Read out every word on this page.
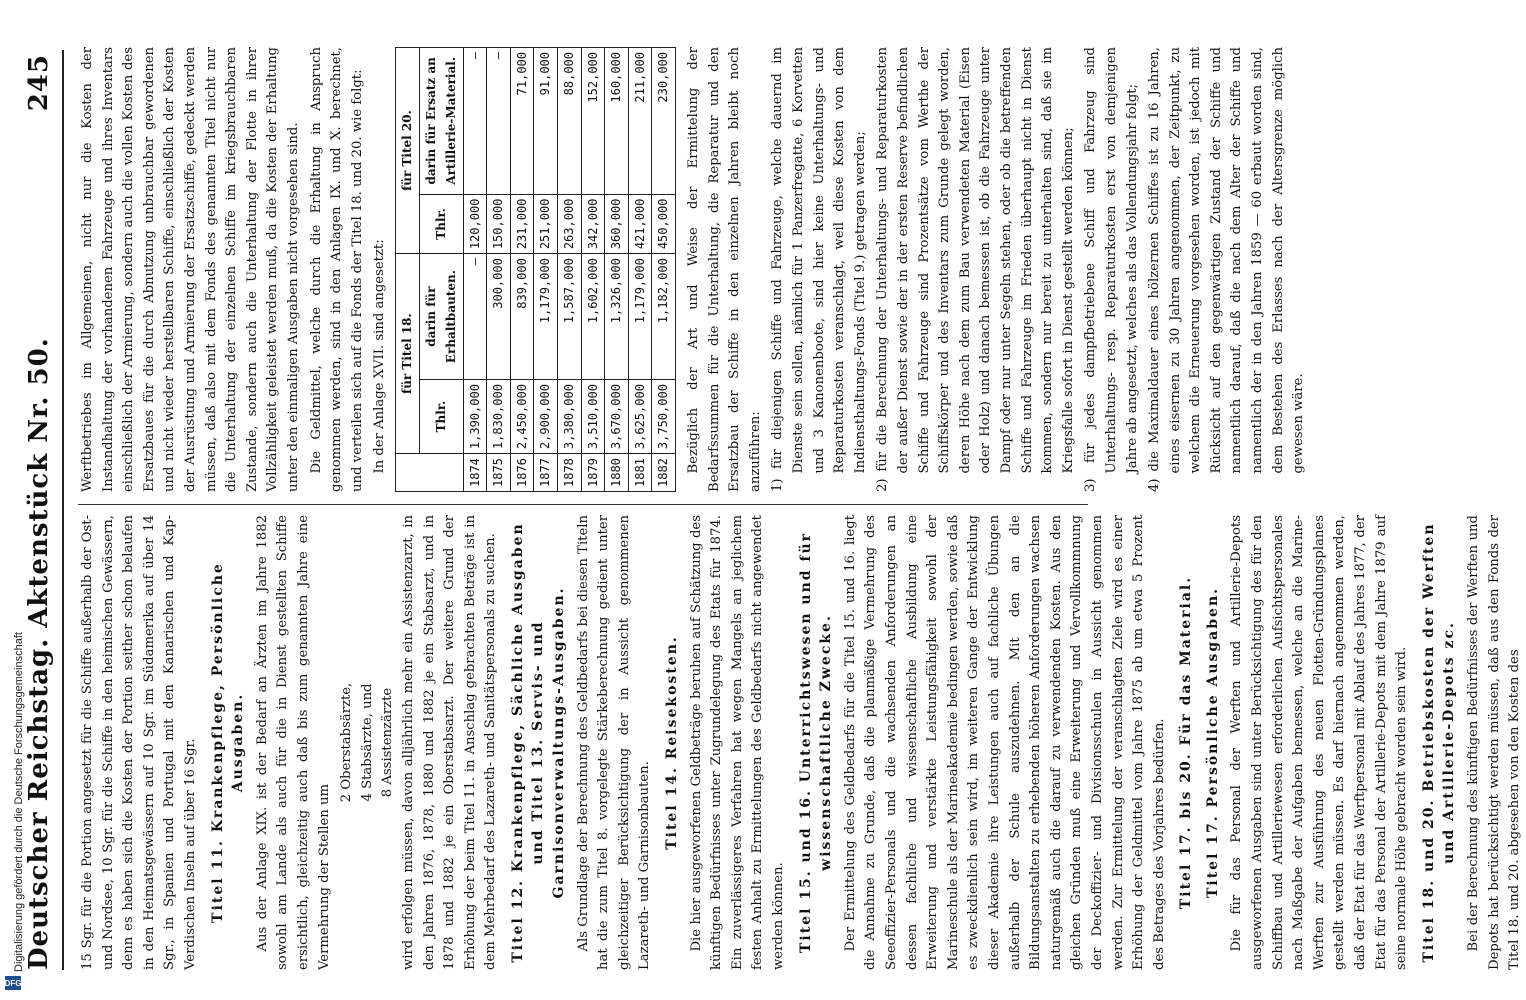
Deutscher Reichstag. Aktenstück Nr. 50.
245

15 Sgr. für die Portion angesetzt für die Schiffe außerhalb der Ost- und Nordsee, 10 Sgr. für die Schiffe in den heimischen Gewässern, denn es haben sich die Kosten der Portion seither schon belaufen in den Heimatsgewässern auf 10 Sgr. im Südamerika auf über 14 Sgr., in Spanien und Portugal mit den Kanarischen und Kap-Verdischen Inseln auf über 16 Sgr. Titel 11. Krankenpflege, Persönliche Ausgaben. Aus der Anlage XIX. ist der Bedarf an Ärzten im Jahre 1882 sowohl am Lande als auch für die in Dienst gestellten Schiffe ersichtlich, gleichzeitig auch daß bis zum genannten Jahre eine Vermehrung der Stellen um

2 Oberstabsärzte, 4 Stabsärzte, und 8 Assistenzärzte wird erfolgen müssen, davon alljährlich mehr ein Assistenzarzt, in den Jahren 1876, 1878, 1880 und 1882 je ein Stabsarzt, und in 1878 und 1882 je ein Oberstabsarzt. Der weitere Grund der Erhöhung der beim Titel 11. in Anschlag gebrachten Beträge ist in dem Mehrbedarf des Lazareth- und Sanitätspersonals zu suchen. Titel 12. Krankenpflege, Sächliche Ausgaben und Titel 13. Servis- und Garnisonverwaltungs-Ausgaben. Als Grundlage der Berechnung des Geldbedarfs bei diesen Titeln hat die zum Titel 8. vorgelegte Stärkeberechnung gedient unter gleichzeitiger Berücksichtigung der in Aussicht genommenen Lazareth- und Garnisonbauten.

Titel 14. Reisekosten. Die hier ausgeworfenen Geldbeträge beruhen auf Schätzung des künftigen Bedürfnisses unter Zugrundelegung des Etats für 1874. Ein zuverlässigeres Verfahren hat wegen Mangels an jeglichem festen Anhalt zu Ermittelungen des Geldbedarfs nicht angewendet werden können. Titel 15. und 16. Unterrichtswesen und für wissenschaftliche Zwecke. Der Ermittelung des Geldbedarfs für die Titel 15. und 16. liegt die Annahme zu Grunde, daß die planmäßige Vermehrung des Seeoffizier-Personals und die wachsenden Anforderungen an dessen fachliche und wissenschaftliche Ausbildung eine Erweiterung und verstärkte Leistungsfähigkeit sowohl der Marineschule als der Marineakademie bedingen werden, sowie daß es zweckdienlich sein wird, im weiteren Gange der Entwicklung dieser Akademie ihre Leistungen auch auf fachliche Übungen außerhalb der Schule auszudehnen. Mit den an die Bildungsanstalten zu erhebenden höheren Anforderungen wachsen naturgemäß auch die darauf zu verwendenden Kosten. Aus den gleichen Gründen muß eine Erweiterung und Vervollkommnung der Deckoffizier- und Divisionsschulen in Aussicht genommen werden. Zur Ermittelung der veranschlagten Ziele wird es einer Erhöhung der Geldmittel vom Jahre 1875 ab um etwa 5 Prozent des Betrages des Vorjahres bedürfen. Titel 17. bis 20. Für das Material. Titel 17. Persönliche Ausgaben. Die für das Personal der Werften und Artillerie-Depots ausgeworfenen Ausgaben sind unter Berücksichtigung des für den Schiffbau und Artilleriewesen erforderlichen Aufsichtspersonales nach Maßgabe der Aufgaben bemessen, welche an die Marine-Werften zur Ausführung des neuen Flotten-Gründungsplanes gestellt werden müssen. Es darf hiernach angenommen werden, daß der Etat für das Werftpersonal mit Ablauf des Jahres 1877, der Etat für das Personal der Artillerie-Depots mit dem Jahre 1879 auf seine normale Höhe gebracht worden sein wird. Titel 18. und 20. Betriebskosten der Werften und Artillerie-Depots zc. Bei der Berechnung des künftigen Bedürfnisses der Werften und Depots hat berücksichtigt werden müssen, daß aus den Fonds der Titel 18. und 20. abgesehen von den Kosten des

Werftbetriebes im Allgemeinen, nicht nur die Kosten der Instandhaltung der vorhandenen Fahrzeuge und ihres Inventars einschließlich der Armierung, sondern auch die vollen Kosten des Ersatzbaues für die durch Abnutzung unbrauchbar gewordenen und nicht wieder herstellbaren Schiffe, einschließlich der Kosten der Ausrüstung und Armierung der Ersatzschiffe, gedeckt werden müssen, daß also mit dem Fonds des genannten Titel nicht nur die Unterhaltung der einzelnen Schiffe im kriegsbrauchbaren Zustande, sondern auch die Unterhaltung der Flotte in ihrer Vollzähligkeit geleistet werden muß, da die Kosten der Erhaltung unter den einmaligen Ausgaben nicht vorgesehen sind. Die Geldmittel, welche durch die Erhaltung in Anspruch genommen werden, sind in den Anlagen IX. und X. berechnet, und verteilen sich auf die Fonds der Titel 18. und 20. wie folgt: In der Anlage XVII. sind angesetzt:

	für Titel 18.		für Titel 20.	
	Thlr.	darin für Erhaltbauten.	Thlr.	darin für Ersatz an Artillerie-Material.
1874	1,390,000	—	120,000	—
1875	1,830,000	300,000	150,000	—
1876	2,450,000	839,000	231,000	71,000
1877	2,900,000	1,179,000	251,000	91,000
1878	3,380,000	1,587,000	263,000	88,000
1879	3,510,000	1,602,000	342,000	152,000
1880	3,670,000	1,326,000	360,000	160,000
1881	3,625,000	1,179,000	421,000	211,000
1882	3,750,000	1,182,000	450,000	230,000 Bezüglich der Art und Weise der Ermittelung der Bedarfssummen für die Unterhaltung, die Reparatur und den Ersatzbau der Schiffe in den einzelnen Jahren bleibt noch anzuführen: 1) für diejenigen Schiffe und Fahrzeuge, welche dauernd im Dienste sein sollen, nämlich für 1 Panzerfregatte, 6 Korvetten und 3 Kanonenboote, sind hier keine Unterhaltungs- und Reparaturkosten veranschlagt, weil diese Kosten von dem Indiensthaltungs-Fonds (Titel 9.) getragen werden; 2) für die Berechnung der Unterhaltungs- und Reparaturkosten der außer Dienst sowie der in der ersten Reserve befindlichen Schiffe und Fahrzeuge sind Prozentsätze vom Werthe der Schiffskörper und des Inventars zum Grunde gelegt worden, deren Höhe nach dem zum Bau verwendeten Material (Eisen oder Holz) und danach bemessen ist, ob die Fahrzeuge unter Dampf oder nur unter Segeln stehen, oder ob die betreffenden Schiffe und Fahrzeuge im Frieden überhaupt nicht in Dienst kommen, sondern nur bereit zu unterhalten sind, daß sie im Kriegsfalle sofort in Dienst gestellt werden können; 3) für jedes dampfbetriebene Schiff und Fahrzeug sind Unterhaltungs- resp. Reparaturkosten erst von demjenigen Jahre ab angesetzt, welches als das Vollendungsjahr folgt; 4) die Maximaldauer eines hölzernen Schiffes ist zu 16 Jahren, eines eisernen zu 30 Jahren angenommen, der Zeitpunkt, zu welchem die Erneuerung vorgesehen worden, ist jedoch mit Rücksicht auf den gegenwärtigen Zustand der Schiffe und namentlich darauf, daß die nach dem Alter der Schiffe und namentlich der in den Jahren 1859 — 60 erbaut worden sind, dem Bestehen des Erlasses nach der Altersgrenze möglich gewesen wäre.
Digitalisierung gefördert durch die Deutsche Forschungsgemeinschaft
DFG
